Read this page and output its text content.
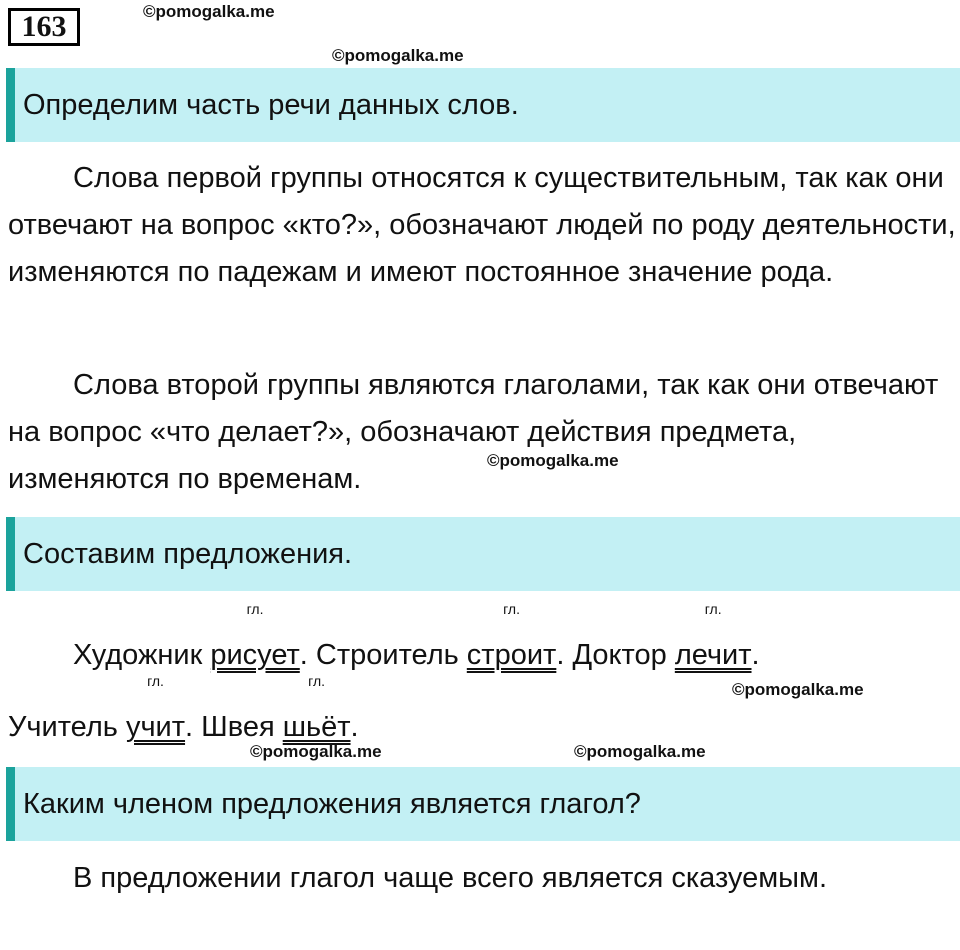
163	©pomogalka.me
©pomogalka.me
Определим часть речи данных слов.

Слова первой группы относятся к существительным, так как они отвечают на вопрос «кто?», обозначают людей по роду деятельности, изменяются по падежам и имеют постоянное значение рода.

Слова второй группы являются глаголами, так как они отвечают на вопрос «что делает?», обозначают действия предмета, изменяются по временам.

©pomogalka.me
Составим предложения.
Художник
гл.
рисует. Строитель
гл.
строит. Доктор
гл.
лечит.
©pomogalka.me
Учитель
гл.
учит. Швея
гл.
шьёт.
©pomogalka.me	©pomogalka.me
Каким членом предложения является глагол?

В предложении глагол чаще всего является сказуемым.
